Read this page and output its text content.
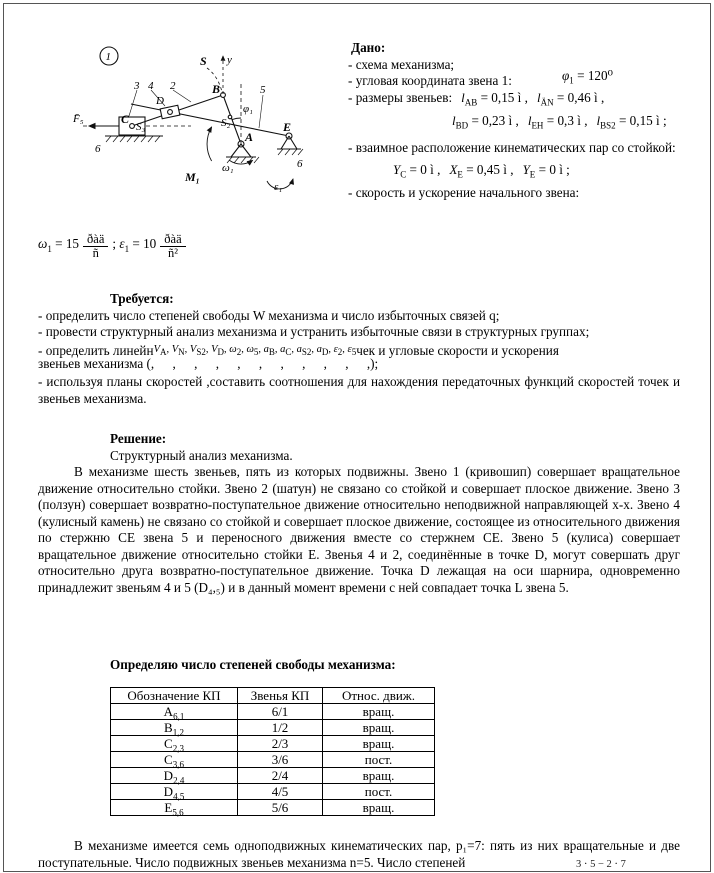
1	S y
3 4 2	5
D
B
φ₁
C
S₃	S₂
F̄₅
E
A
ω₁
M₁
ε₁
6
6
Дано:
- схема механизма;
- угловая координата звена 1:	$\varphi_1 = 120^0$
- размеры звеньев: $l_{АВ} = 0,15$ ì , $l_{ÄN} = 0,46$ ì ,
$l_{BD} = 0,23$ ì , $l_{EH} = 0,3$ ì , $l_{BS2} = 0,15$ ì ;
- взаимное расположение кинематических пар со стойкой:
$Y_C = 0$ ì , $X_E = 0,45$ ì , $Y_E = 0$ ì ;
- скорость и ускорение начального звена:
$\omega_1 = 15 \frac{\text{ðàä}}{ñ}$ ; $\varepsilon_1 = 10 \frac{\text{ðàä}}{\text{ñ²}}$
Требуется:
- определить число степеней свободы W механизма и число избыточных связей q;
- провести структурный анализ механизма и устранить избыточные связи в структурных группах;
- определить линейнV$_А$ , $V_N$ , $V_{S2}$ , $V_D$ , $\omega_2$ , $\omega_5$ , $a_B$ , $a_C$ , $a_{S2}$ , $a_D$ , $\varepsilon_2$ , $\varepsilon_5чек$ и угловые скорости и ускорения
звеньев механизма (, , , , , , , , , , ,);
- используя планы скоростей ,составить соотношения для нахождения передаточных функций скоростей точек и звеньев механизма.
Решение:
Структурный анализ механизма.
В механизме шесть звеньев, пять из которых подвижны. Звено 1 (кривошип) совершает вращательное движение относительно стойки. Звено 2 (шатун) не связано со стойкой и совершает плоское движение. Звено 3 (ползун) совершает возвратно-поступательное движение относительно неподвижной направляющей x-x. Звено 4 (кулисный камень) не связано со стойкой и совершает плоское движение, состоящее из относительного движения по стержню СЕ звена 5 и переносного движения вместе со стержнем СЕ. Звено 5 (кулиса) совершает вращательное движение относительно стойки Е. Звенья 4 и 2, соединённые в точке D, могут совершать друг относительно друга возвратно-поступательное движение. Точка D лежащая на оси шарнира, одновременно принадлежит звеньям 4 и 5 (D₄,₅) и в данный момент времени с ней совпадает точка L звена 5.
Определяю число степеней свободы механизма:
Обозначение КП	Звенья КП	Относ. движ.
$A_{6,1}$	6/1	вращ.
$B_{1,2}$	1/2	вращ.
$C_{2,3}$	2/3	вращ.
$C_{3,6}$	3/6	пост.
$D_{2,4}$	2/4	вращ.
$D_{4,5}$	4/5	пост.
$E_{5,6}$	5/6	вращ.
В механизме имеется семь одноподвижных кинематических пар, р₁=7: пять из них вращательные и две поступательные. Число подвижных звеньев механизма n=5. Число степеней	3 ⋅ 5 − 2 ⋅ 7
